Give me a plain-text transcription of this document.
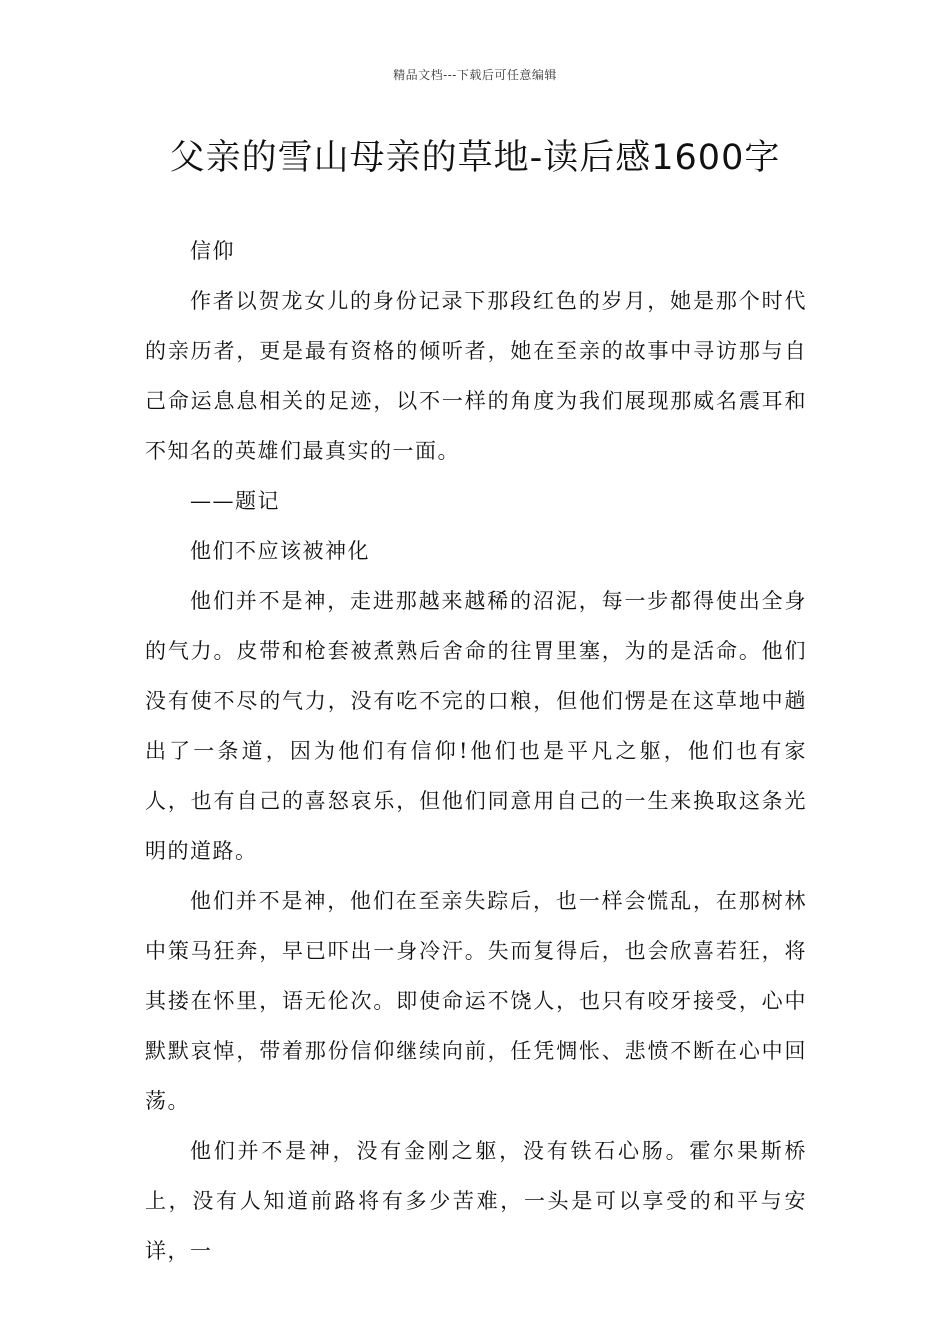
精品文档---下载后可任意编辑
父亲的雪山母亲的草地-读后感1600字

信仰

作者以贺龙女儿的身份记录下那段红色的岁月，她是那个时代的亲历者，更是最有资格的倾听者，她在至亲的故事中寻访那与自己命运息息相关的足迹，以不一样的角度为我们展现那威名震耳和不知名的英雄们最真实的一面。

——题记

他们不应该被神化

他们并不是神，走进那越来越稀的沼泥，每一步都得使出全身的气力。皮带和枪套被煮熟后舍命的往胃里塞，为的是活命。他们没有使不尽的气力，没有吃不完的口粮，但他们愣是在这草地中趟出了一条道，因为他们有信仰!他们也是平凡之躯，他们也有家人，也有自己的喜怒哀乐，但他们同意用自己的一生来换取这条光明的道路。

他们并不是神，他们在至亲失踪后，也一样会慌乱，在那树林中策马狂奔，早已吓出一身冷汗。失而复得后，也会欣喜若狂，将其搂在怀里，语无伦次。即使命运不饶人，也只有咬牙接受，心中默默哀悼，带着那份信仰继续向前，任凭惆怅、悲愤不断在心中回荡。

他们并不是神，没有金刚之躯，没有铁石心肠。霍尔果斯桥上，没有人知道前路将有多少苦难，一头是可以享受的和平与安详，一
